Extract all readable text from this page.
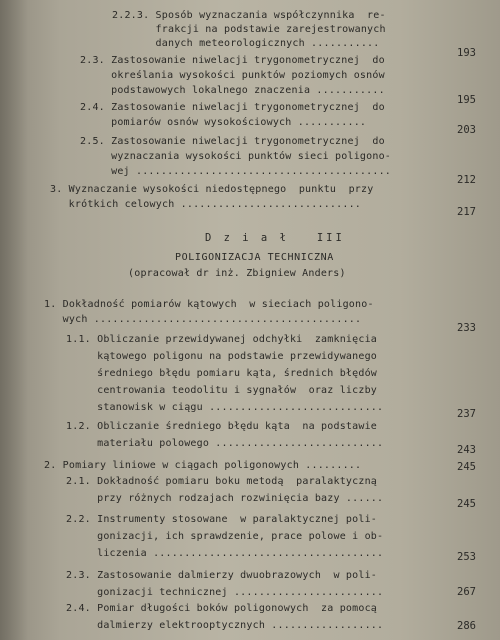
2.2.3. Sposób wyznaczania współczynnika  re-
frakcji na podstawie zarejestrowanych
danych meteorologicznych ...........
193
2.3. Zastosowanie niwelacji trygonometrycznej  do
określania wysokości punktów poziomych osnów
podstawowych lokalnego znaczenia ...........
195
2.4. Zastosowanie niwelacji trygonometrycznej  do
pomiarów osnów wysokościowych ...........
203
2.5. Zastosowanie niwelacji trygonometrycznej  do
wyznaczania wysokości punktów sieci poligono-
wej .........................................
212
3. Wyznaczanie wysokości niedostępnego  punktu  przy
krótkich celowych .............................
217
D z i a ł   III
POLIGONIZACJA TECHNICZNA
(opracował dr inż. Zbigniew Anders)
1. Dokładność pomiarów kątowych  w sieciach poligono-
wych ...........................................
233
1.1. Obliczanie przewidywanej odchyłki  zamknięcia
kątowego poligonu na podstawie przewidywanego
średniego błędu pomiaru kąta, średnich błędów
centrowania teodolitu i sygnałów  oraz liczby
stanowisk w ciągu ............................
237
1.2. Obliczanie średniego błędu kąta  na podstawie
materiału polowego ...........................
243
2. Pomiary liniowe w ciągach poligonowych .........	245
2.1. Dokładność pomiaru boku metodą  paralaktyczną
przy różnych rodzajach rozwinięcia bazy ......	245
2.2. Instrumenty stosowane  w paralaktycznej poli-
gonizacji, ich sprawdzenie, prace polowe i ob-
liczenia .....................................	253
2.3. Zastosowanie dalmierzy dwuobrazowych  w poli-
gonizacji technicznej ........................	267
2.4. Pomiar długości boków poligonowych  za pomocą
dalmierzy elektrooptycznych ..................	286
